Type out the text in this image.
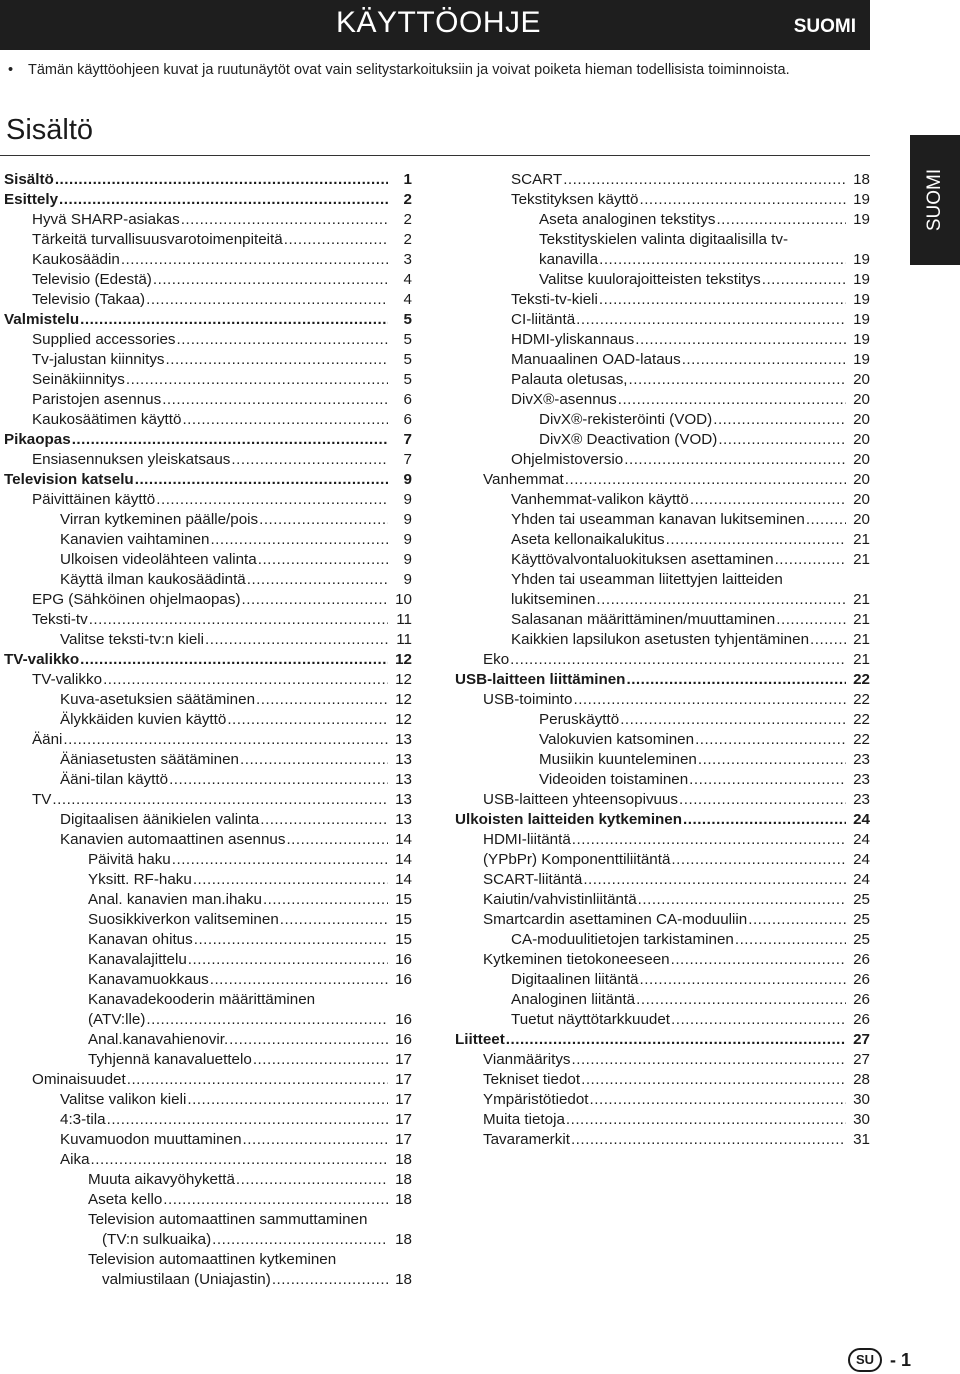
KÄYTTÖOHJE	SUOMI
• Tämän käyttöohjeen kuvat ja ruutunäytöt ovat vain selitystarkoituksiin ja voivat poiketa hieman todellisista toiminnoista.
Sisältö
SUOMI
Sisältö .....	1
Esittely .....	2
Hyvä SHARP-asiakas .....	2
Tärkeitä turvallisuusvarotoimenpiteitä .....	2
Kaukosäädin .....	3
Televisio (Edestä) .....	4
Televisio (Takaa) .....	4
Valmistelu .....	5
Supplied accessories .....	5
Tv-jalustan kiinnitys .....	5
Seinäkiinnitys .....	5
Paristojen asennus .....	6
Kaukosäätimen käyttö .....	6
Pikaopas .....	7
Ensiasennuksen yleiskatsaus .....	7
Television katselu .....	9
Päivittäinen käyttö .....	9
Virran kytkeminen päälle/pois .....	9
Kanavien vaihtaminen .....	9
Ulkoisen videolähteen valinta .....	9
Käyttä ilman kaukosäädintä .....	9
EPG (Sähköinen ohjelmaopas) .....	10
Teksti-tv .....	11
Valitse teksti-tv:n kieli .....	11
TV-valikko .....	12
TV-valikko .....	12
Kuva-asetuksien säätäminen .....	12
Älykkäiden kuvien käyttö .....	12
Ääni .....	13
Ääniasetusten säätäminen .....	13
Ääni-tilan käyttö .....	13
TV .....	13
Digitaalisen äänikielen valinta .....	13
Kanavien automaattinen asennus .....	14
Päivitä haku .....	14
Yksitt. RF-haku .....	14
Anal. kanavien man.ihaku .....	15
Suosikkiverkon valitseminen .....	15
Kanavan ohitus .....	15
Kanavalajittelu .....	16
Kanavamuokkaus .....	16
Kanavadekooderin määrittäminen
(ATV:lle) .....	16
Anal.kanavahienovir. .....	16
Tyhjennä kanavaluettelo .....	17
Ominaisuudet .....	17
Valitse valikon kieli .....	17
4:3-tila .....	17
Kuvamuodon muuttaminen .....	17
Aika .....	18
Muuta aikavyöhykettä .....	18
Aseta kello .....	18
Television automaattinen sammuttaminen
(TV:n sulkuaika) .....	18
Television automaattinen kytkeminen
valmiustilaan (Uniajastin) .....	18
SCART .....	18
Tekstityksen käyttö .....	19
Aseta analoginen tekstitys .....	19
Tekstityskielen valinta digitaalisilla tv-
kanavilla .....	19
Valitse kuulorajoitteisten tekstitys .....	19
Teksti-tv-kieli .....	19
CI-liitäntä .....	19
HDMI-yliskannaus .....	19
Manuaalinen OAD-lataus .....	19
Palauta oletusas, .....	20
DivX®-asennus .....	20
DivX®-rekisteröinti (VOD) .....	20
DivX® Deactivation (VOD) .....	20
Ohjelmistoversio .....	20
Vanhemmat .....	20
Vanhemmat-valikon käyttö .....	20
Yhden tai useamman kanavan lukitseminen .....	20
Aseta kellonaikalukitus .....	21
Käyttövalvontaluokituksen asettaminen .....	21
Yhden tai useamman liitettyjen laitteiden
lukitseminen .....	21
Salasanan määrittäminen/muuttaminen .....	21
Kaikkien lapsilukon asetusten tyhjentäminen .....	21
Eko .....	21
USB-laitteen liittäminen .....	22
USB-toiminto .....	22
Peruskäyttö .....	22
Valokuvien katsominen .....	22
Musiikin kuunteleminen .....	23
Videoiden toistaminen .....	23
USB-laitteen yhteensopivuus .....	23
Ulkoisten laitteiden kytkeminen .....	24
HDMI-liitäntä .....	24
(YPbPr) Komponenttiliitäntä .....	24
SCART-liitäntä .....	24
Kaiutin/vahvistinliitäntä .....	25
Smartcardin asettaminen CA-moduuliin .....	25
CA-moduulitietojen tarkistaminen .....	25
Kytkeminen tietokoneeseen .....	26
Digitaalinen liitäntä .....	26
Analoginen liitäntä .....	26
Tuetut näyttötarkkuudet .....	26
Liitteet .....	27
Vianmääritys .....	27
Tekniset tiedot .....	28
Ympäristötiedot .....	30
Muita tietoja .....	30
Tavaramerkit .....	31
SU - 1
